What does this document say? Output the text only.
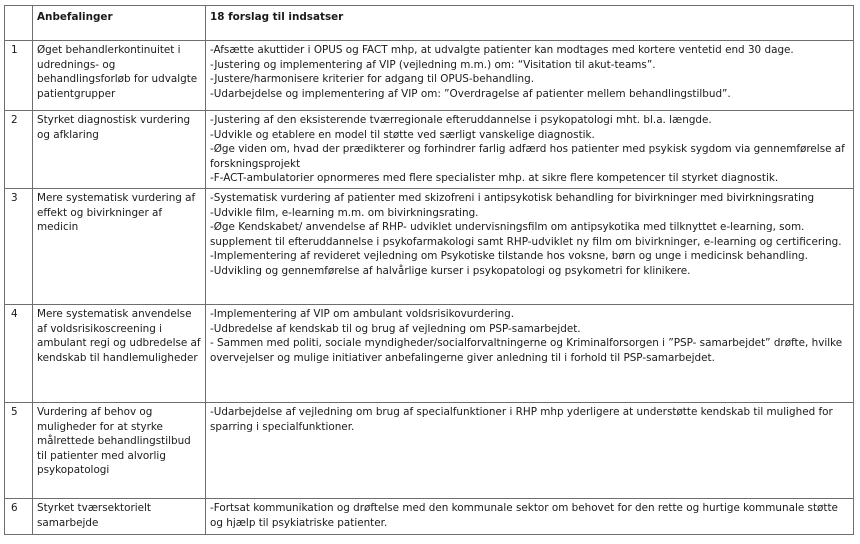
	Anbefalinger	18 forslag til indsatser
1	Øget behandlerkontinuitet i udrednings- og behandlingsforløb for udvalgte patientgrupper	-Afsætte akuttider i OPUS og FACT mhp, at udvalgte patienter kan modtages med kortere ventetid end 30 dage.
-Justering og implementering af VIP (vejledning m.m.) om: “Visitation til akut-teams”.
-Justere/harmonisere kriterier for adgang til OPUS-behandling.
-Udarbejdelse og implementering af VIP om: ”Overdragelse af patienter mellem behandlingstilbud”.

2	Styrket diagnostisk vurdering og afklaring	-Justering af den eksisterende tværregionale efteruddannelse i psykopatologi mht. bl.a. længde.
-Udvikle og etablere en model til støtte ved særligt vanskelige diagnostik.
-Øge viden om, hvad der prædikterer og forhindrer farlig adfærd hos patienter med psykisk sygdom via gennemførelse af forskningsprojekt
-F-ACT-ambulatorier opnormeres med flere specialister mhp. at sikre flere kompetencer til styrket diagnostik.

3	Mere systematisk vurdering af effekt og bivirkninger af medicin	-Systematisk vurdering af patienter med skizofreni i antipsykotisk behandling for bivirkninger med bivirkningsrating
-Udvikle film, e-learning m.m. om bivirkningsrating.
-Øge Kendskabet/ anvendelse af RHP- udviklet undervisningsfilm om antipsykotika med tilknyttet e-learning, som. supplement til efteruddannelse i psykofarmakologi samt RHP-udviklet ny film om bivirkninger, e-learning og certificering.
-Implementering af revideret vejledning om Psykotiske tilstande hos voksne, børn og unge i medicinsk behandling.
-Udvikling og gennemførelse af halvårlige kurser i psykopatologi og psykometri for klinikere.

4	Mere systematisk anvendelse af voldsrisikoscreening i ambulant regi og udbredelse af kendskab til handlemuligheder	-Implementering af VIP om ambulant voldsrisikovurdering.
-Udbredelse af kendskab til og brug af vejledning om PSP-samarbejdet.
- Sammen med politi, sociale myndigheder/socialforvaltningerne og Kriminalforsorgen i ”PSP- samarbejdet” drøfte, hvilke overvejelser og mulige initiativer anbefalingerne giver anledning til i forhold til PSP-samarbejdet.

5	Vurdering af behov og muligheder for at styrke målrettede behandlingstilbud til patienter med alvorlig psykopatologi	-Udarbejdelse af vejledning om brug af specialfunktioner i RHP mhp yderligere at understøtte kendskab til mulighed for sparring i specialfunktioner.

6	Styrket tværsektorielt samarbejde	-Fortsat kommunikation og drøftelse med den kommunale sektor om behovet for den rette og hurtige kommunale støtte og hjælp til psykiatriske patienter.
